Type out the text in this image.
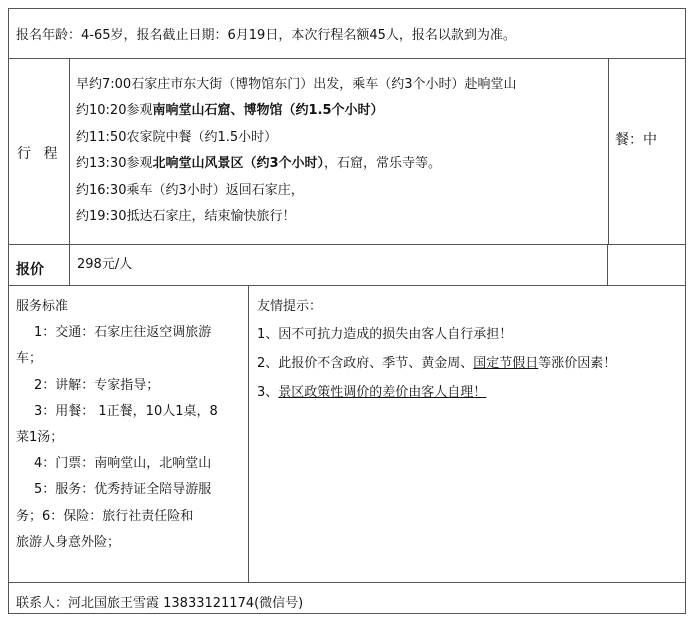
报名年龄：4-65岁，报名截止日期：6月19日，本次行程名额45人，报名以款到为准。
行 程
早约7:00石家庄市东大街（博物馆东门）出发，乘车（约3个小时）赴响堂山
约10:20参观南响堂山石窟、博物馆（约1.5个小时）
约11:50农家院中餐（约1.5小时）
约13:30参观北响堂山风景区（约3个小时），石窟，常乐寺等。
约16:30乘车（约3小时）返回石家庄，
约19:30抵达石家庄，结束愉快旅行！
餐：中
报价	298元/人
服务标准
1：交通：石家庄往返空调旅游
车；
2：讲解：专家指导；
3：用餐： 1正餐，10人1桌，8
菜1汤；
4：门票：南响堂山，北响堂山
5：服务：优秀持证全陪导游服
务；6：保险：旅行社责任险和
旅游人身意外险；
友情提示：
1、因不可抗力造成的损失由客人自行承担！
2、此报价不含政府、季节、黄金周、国定节假日等涨价因素！
3、景区政策性调价的差价由客人自理！
联系人：河北国旅王雪霞 13833121174(微信号)
